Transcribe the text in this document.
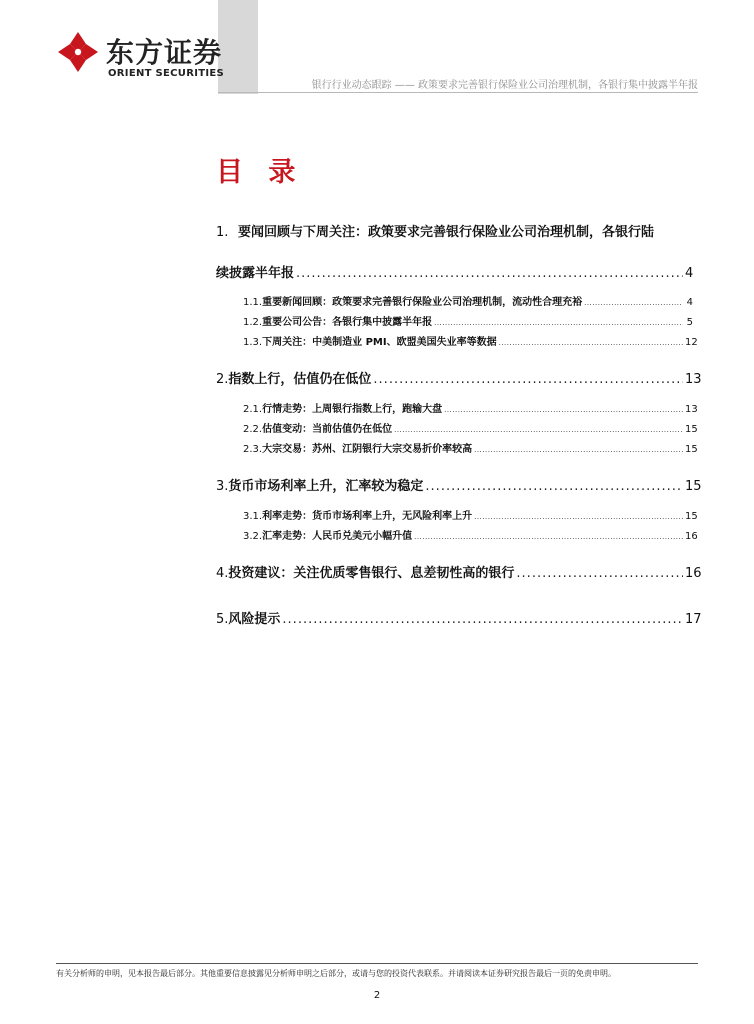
东方证券
ORIENT SECURITIES
银行行业动态跟踪 —— 政策要求完善银行保险业公司治理机制，各银行集中披露半年报
目 录
1. 要闻回顾与下周关注：政策要求完善银行保险业公司治理机制，各银行陆
续披露半年报 .....	4
1.1. 重要新闻回顾：政策要求完善银行保险业公司治理机制，流动性合理充裕 .....	4
1.2. 重要公司公告：各银行集中披露半年报 .....	5
1.3. 下周关注：中美制造业 PMI、欧盟美国失业率等数据 .....	12
2. 指数上行，估值仍在低位 .....	13
2.1. 行情走势：上周银行指数上行，跑输大盘 .....	13
2.2. 估值变动：当前估值仍在低位 .....	15
2.3. 大宗交易：苏州、江阴银行大宗交易折价率较高 .....	15
3. 货币市场利率上升，汇率较为稳定 .....	15
3.1. 利率走势：货币市场利率上升，无风险利率上升 .....	15
3.2. 汇率走势：人民币兑美元小幅升值 .....	16
4. 投资建议：关注优质零售银行、息差韧性高的银行 .....	16
5. 风险提示 .....	17
有关分析师的申明，见本报告最后部分。其他重要信息披露见分析师申明之后部分，或请与您的投资代表联系。并请阅读本证券研究报告最后一页的免责申明。
2
